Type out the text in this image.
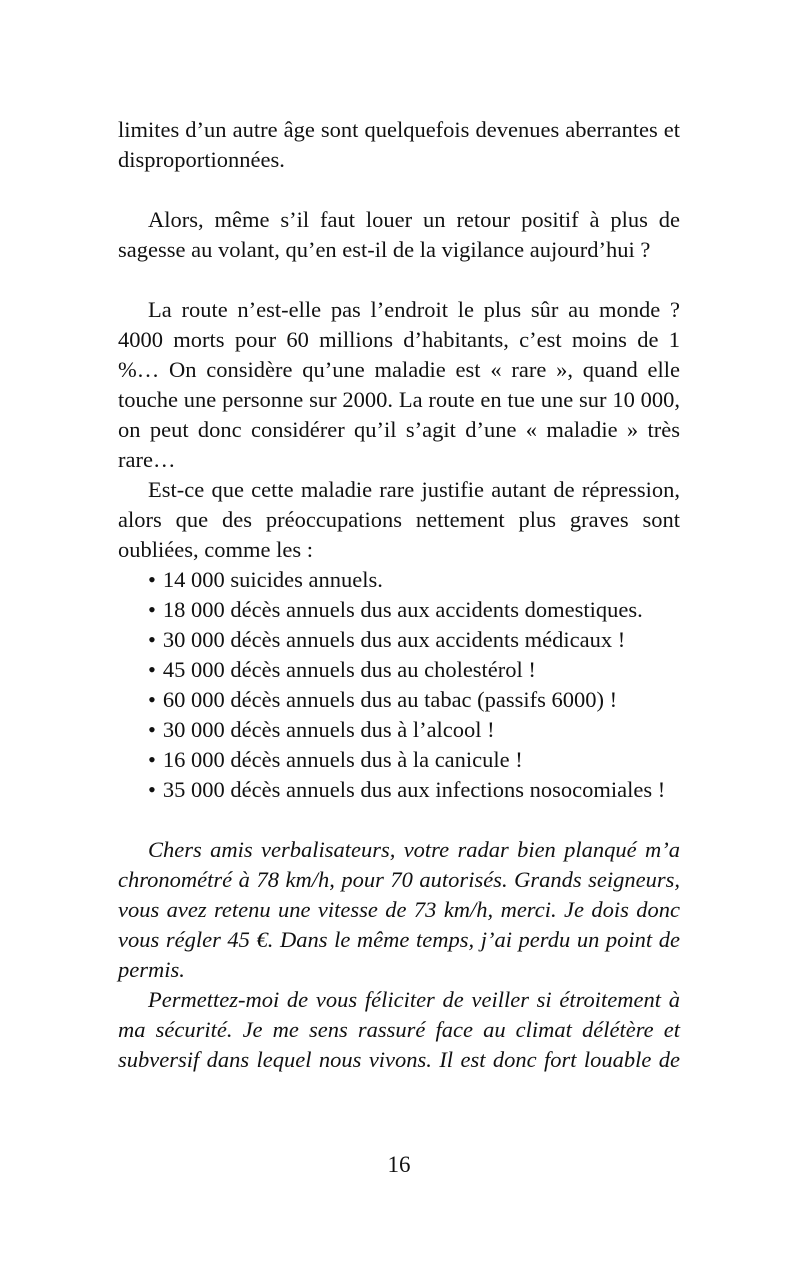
limites d’un autre âge sont quelquefois devenues aberrantes et disproportionnées.

Alors, même s’il faut louer un retour positif à plus de sagesse au volant, qu’en est-il de la vigilance aujourd’hui ?

La route n’est-elle pas l’endroit le plus sûr au monde ? 4000 morts pour 60 millions d’habitants, c’est moins de 1 %… On considère qu’une maladie est « rare », quand elle touche une personne sur 2000. La route en tue une sur 10 000, on peut donc considérer qu’il s’agit d’une « maladie » très rare…

Est-ce que cette maladie rare justifie autant de répression, alors que des préoccupations nettement plus graves sont oubliées, comme les :

• 14 000 suicides annuels.
• 18 000 décès annuels dus aux accidents domestiques.
• 30 000 décès annuels dus aux accidents médicaux !
• 45 000 décès annuels dus au cholestérol !
• 60 000 décès annuels dus au tabac (passifs 6000) !
• 30 000 décès annuels dus à l’alcool !
• 16 000 décès annuels dus à la canicule !
• 35 000 décès annuels dus aux infections nosocomiales !

Chers amis verbalisateurs, votre radar bien planqué m’a chronométré à 78 km/h, pour 70 autorisés. Grands seigneurs, vous avez retenu une vitesse de 73 km/h, merci. Je dois donc vous régler 45 €. Dans le même temps, j’ai perdu un point de permis.

Permettez-moi de vous féliciter de veiller si étroitement à ma sécurité. Je me sens rassuré face au climat délétère et subversif dans lequel nous vivons. Il est donc fort louable de

16
